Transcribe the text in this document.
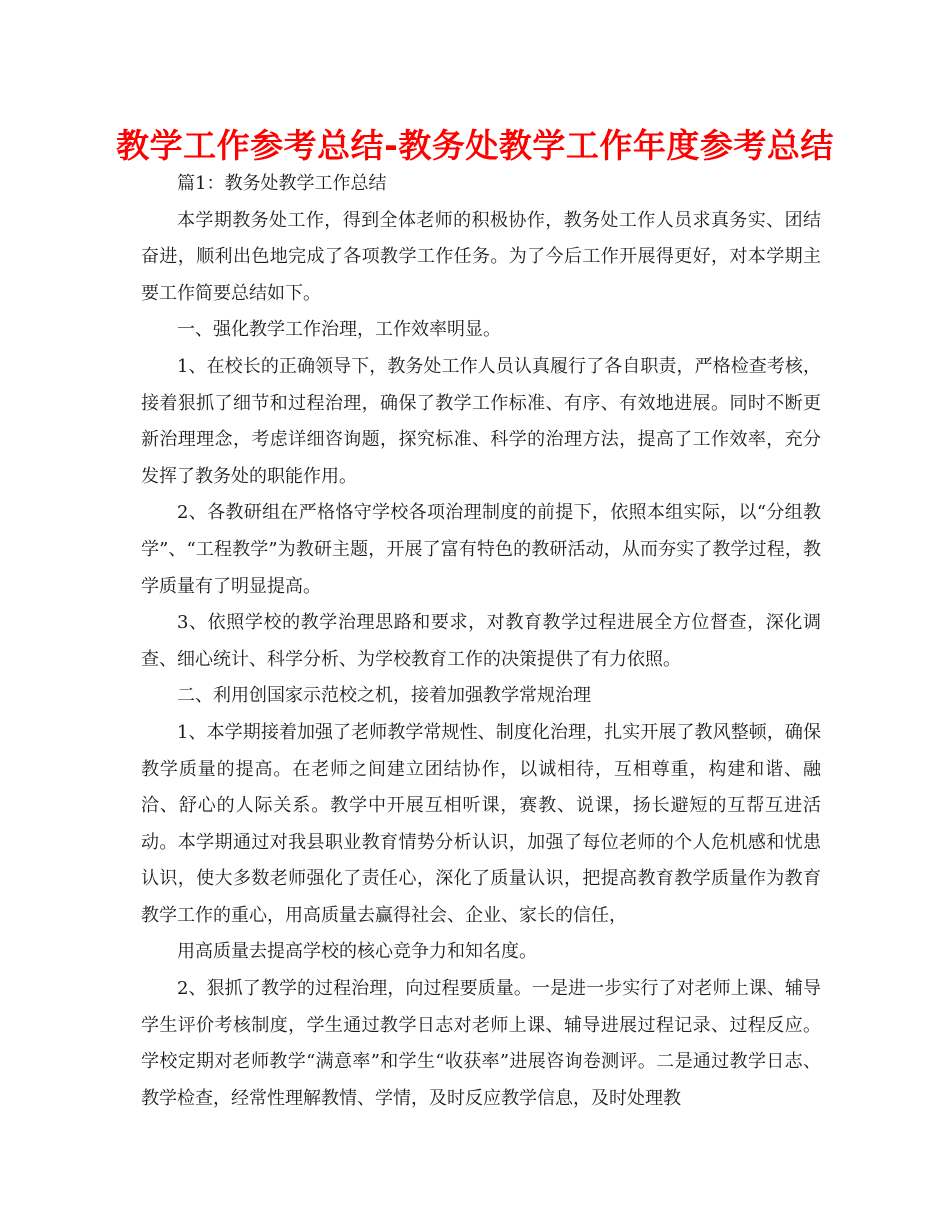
教学工作参考总结-教务处教学工作年度参考总结

篇1：教务处教学工作总结

本学期教务处工作，得到全体老师的积极协作，教务处工作人员求真务实、团结奋进，顺利出色地完成了各项教学工作任务。为了今后工作开展得更好，对本学期主要工作简要总结如下。

一、强化教学工作治理，工作效率明显。

1、在校长的正确领导下，教务处工作人员认真履行了各自职责，严格检查考核，接着狠抓了细节和过程治理，确保了教学工作标准、有序、有效地进展。同时不断更新治理理念，考虑详细咨询题，探究标准、科学的治理方法，提高了工作效率，充分发挥了教务处的职能作用。

2、各教研组在严格恪守学校各项治理制度的前提下，依照本组实际，以“分组教学”、“工程教学”为教研主题，开展了富有特色的教研活动，从而夯实了教学过程，教学质量有了明显提高。

3、依照学校的教学治理思路和要求，对教育教学过程进展全方位督查，深化调查、细心统计、科学分析、为学校教育工作的决策提供了有力依照。

二、利用创国家示范校之机，接着加强教学常规治理

1、本学期接着加强了老师教学常规性、制度化治理，扎实开展了教风整顿，确保教学质量的提高。在老师之间建立团结协作，以诚相待，互相尊重，构建和谐、融洽、舒心的人际关系。教学中开展互相听课，赛教、说课，扬长避短的互帮互进活动。本学期通过对我县职业教育情势分析认识，加强了每位老师的个人危机感和忧患认识，使大多数老师强化了责任心，深化了质量认识，把提高教育教学质量作为教育教学工作的重心，用高质量去赢得社会、企业、家长的信任，

用高质量去提高学校的核心竞争力和知名度。

2、狠抓了教学的过程治理，向过程要质量。一是进一步实行了对老师上课、辅导学生评价考核制度，学生通过教学日志对老师上课、辅导进展过程记录、过程反应。学校定期对老师教学“满意率”和学生“收获率”进展咨询卷测评。二是通过教学日志、教学检查，经常性理解教情、学情，及时反应教学信息，及时处理教
